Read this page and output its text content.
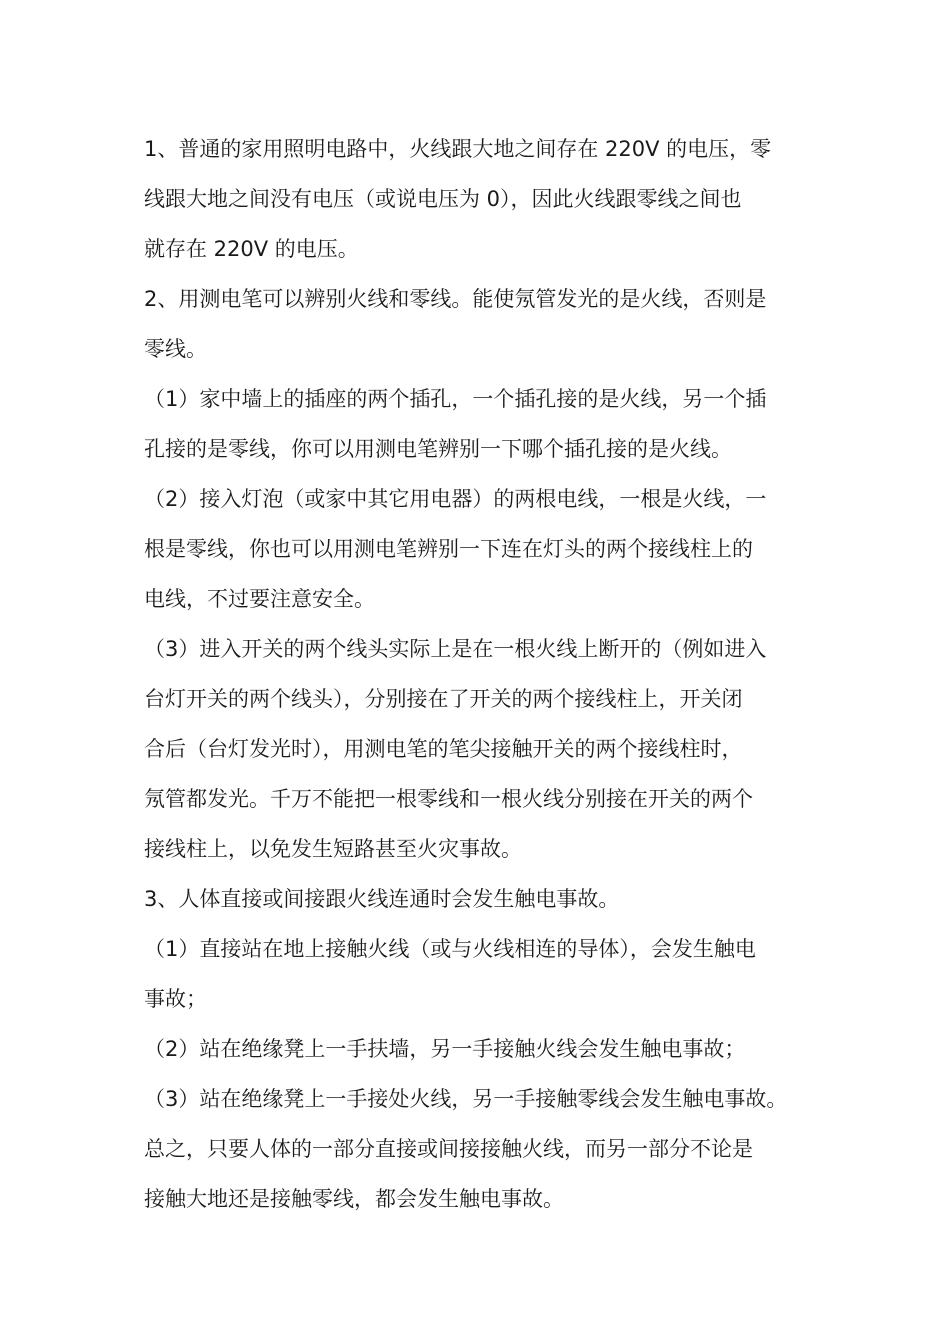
1、普通的家用照明电路中，火线跟大地之间存在 220V 的电压，零
线跟大地之间没有电压（或说电压为 0），因此火线跟零线之间也
就存在 220V 的电压。
2、用测电笔可以辨别火线和零线。能使氖管发光的是火线，否则是
零线。
（1）家中墙上的插座的两个插孔，一个插孔接的是火线，另一个插
孔接的是零线，你可以用测电笔辨别一下哪个插孔接的是火线。
（2）接入灯泡（或家中其它用电器）的两根电线，一根是火线，一
根是零线，你也可以用测电笔辨别一下连在灯头的两个接线柱上的
电线，不过要注意安全。
（3）进入开关的两个线头实际上是在一根火线上断开的（例如进入
台灯开关的两个线头），分别接在了开关的两个接线柱上，开关闭
合后（台灯发光时），用测电笔的笔尖接触开关的两个接线柱时，
氖管都发光。千万不能把一根零线和一根火线分别接在开关的两个
接线柱上，以免发生短路甚至火灾事故。
3、人体直接或间接跟火线连通时会发生触电事故。
（1）直接站在地上接触火线（或与火线相连的导体），会发生触电
事故；
（2）站在绝缘凳上一手扶墙，另一手接触火线会发生触电事故；
（3）站在绝缘凳上一手接处火线，另一手接触零线会发生触电事故。
总之，只要人体的一部分直接或间接接触火线，而另一部分不论是
接触大地还是接触零线，都会发生触电事故。
